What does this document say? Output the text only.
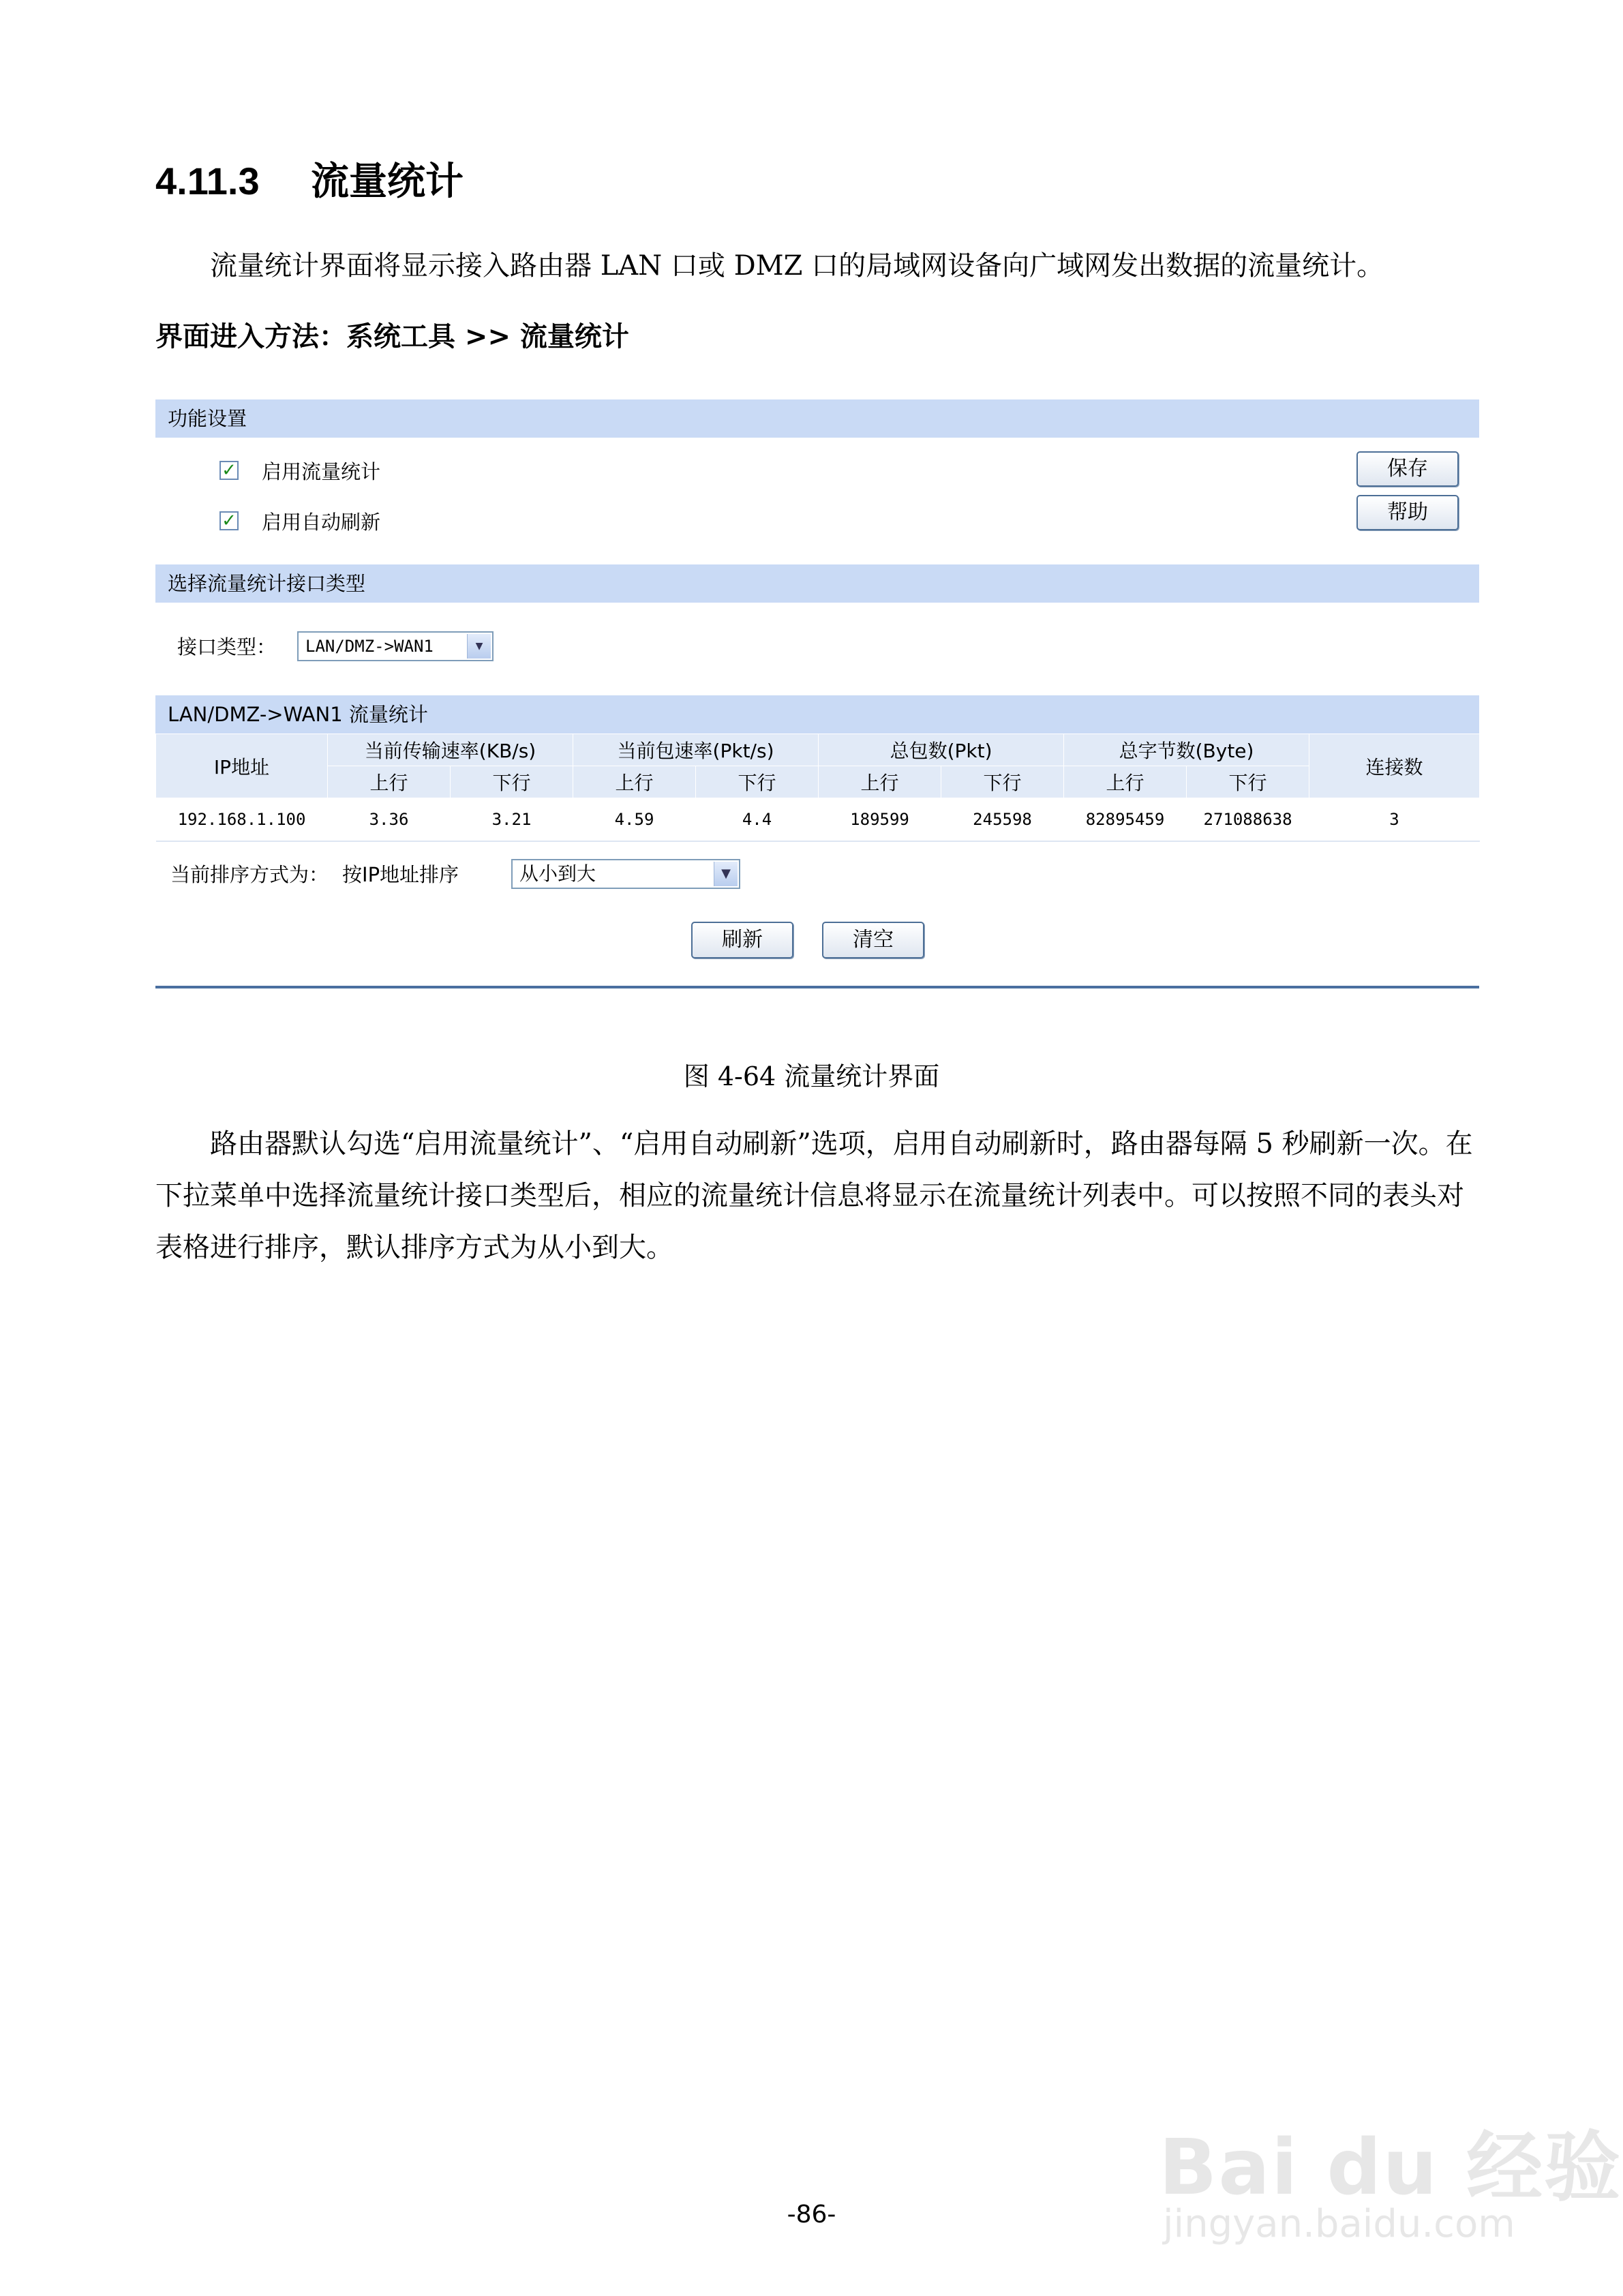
4.11.3 流量统计
流量统计界面将显示接入路由器 LAN 口或 DMZ 口的局域网设备向广域网发出数据的流量统计。
界面进入方法：系统工具 >> 流量统计
功能设置
✓ 启用流量统计
✓ 启用自动刷新
保存
帮助
选择流量统计接口类型
接口类型：	LAN/DMZ->WAN1	▼
LAN/DMZ->WAN1 流量统计
IP地址	当前传输速率(KB/s)		当前包速率(Pkt/s)		总包数(Pkt)		总字节数(Byte)		连接数
	上行	下行	上行	下行	上行	下行	上行	下行	
192.168.1.100	3.36	3.21	4.59	4.4	189599	245598	82895459	271088638	3
当前排序方式为： 按IP地址排序	从小到大	▼
刷新	清空
图 4-64 流量统计界面
路由器默认勾选“启用流量统计”、“启用自动刷新”选项，启用自动刷新时，路由器每隔 5 秒刷新一次。在下拉菜单中选择流量统计接口类型后，相应的流量统计信息将显示在流量统计列表中。可以按照不同的表头对表格进行排序，默认排序方式为从小到大。
Bai du 经验
jingyan.baidu.com
-86-
